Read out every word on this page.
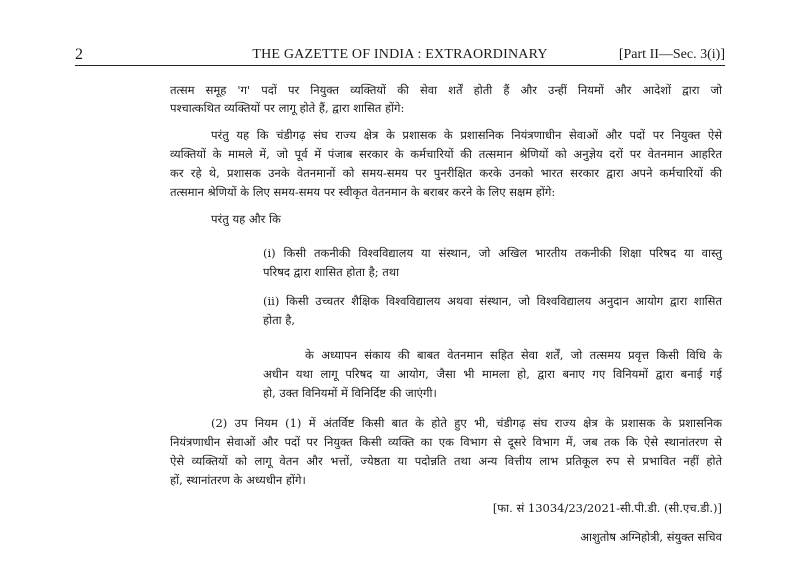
2	THE GAZETTE OF INDIA : EXTRAORDINARY	[Part II—Sec. 3(i)]
तत्सम समूह 'ग' पदों पर नियुक्त व्यक्तियों की सेवा शर्तें होती हैं और उन्हीं नियमों और आदेशों द्वारा जो
पश्चात्कथित व्यक्तियों पर लागू होते हैं, द्वारा शासित होंगे:
परंतु यह कि चंडीगढ़ संघ राज्य क्षेत्र के प्रशासक के प्रशासनिक नियंत्रणाधीन सेवाओं और पदों पर नियुक्त ऐसे
व्यक्तियों के मामले में, जो पूर्व में पंजाब सरकार के कर्मचारियों की तत्समान श्रेणियों को अनुज्ञेय दरों पर वेतनमान आहरित
कर रहे थे, प्रशासक उनके वेतनमानों को समय-समय पर पुनरीक्षित करके उनको भारत सरकार द्वारा अपने कर्मचारियों की
तत्समान श्रेणियों के लिए समय-समय पर स्वीकृत वेतनमान के बराबर करने के लिए सक्षम होंगे:
परंतु यह और कि
(i) किसी तकनीकी विश्वविद्यालय या संस्थान, जो अखिल भारतीय तकनीकी शिक्षा परिषद या वास्तु
परिषद द्वारा शासित होता है; तथा
(ii) किसी उच्चतर शैक्षिक विश्वविद्यालय अथवा संस्थान, जो विश्वविद्यालय अनुदान आयोग द्वारा शासित
होता है,
के अध्यापन संकाय की बाबत वेतनमान सहित सेवा शर्तें, जो तत्समय प्रवृत्त किसी विधि के
अधीन यथा लागू परिषद या आयोग, जैसा भी मामला हो, द्वारा बनाए गए विनियमों द्वारा बनाई गई
हो, उक्त विनियमों में विनिर्दिष्ट की जाएंगी।
(2) उप नियम (1) में अंतर्विष्ट किसी बात के होते हुए भी, चंडीगढ़ संघ राज्य क्षेत्र के प्रशासक के प्रशासनिक
नियंत्रणाधीन सेवाओं और पदों पर नियुक्त किसी व्यक्ति का एक विभाग से दूसरे विभाग में, जब तक कि ऐसे स्थानांतरण से
ऐसे व्यक्तियों को लागू वेतन और भत्तों, ज्येष्ठता या पदोन्नति तथा अन्य वित्तीय लाभ प्रतिकूल रुप से प्रभावित नहीं होते
हों, स्थानांतरण के अध्यधीन होंगे।
[फा. सं 13034/23/2021-सी.पी.डी. (सी.एच.डी.)]
आशुतोष अग्निहोत्री, संयुक्त सचिव
